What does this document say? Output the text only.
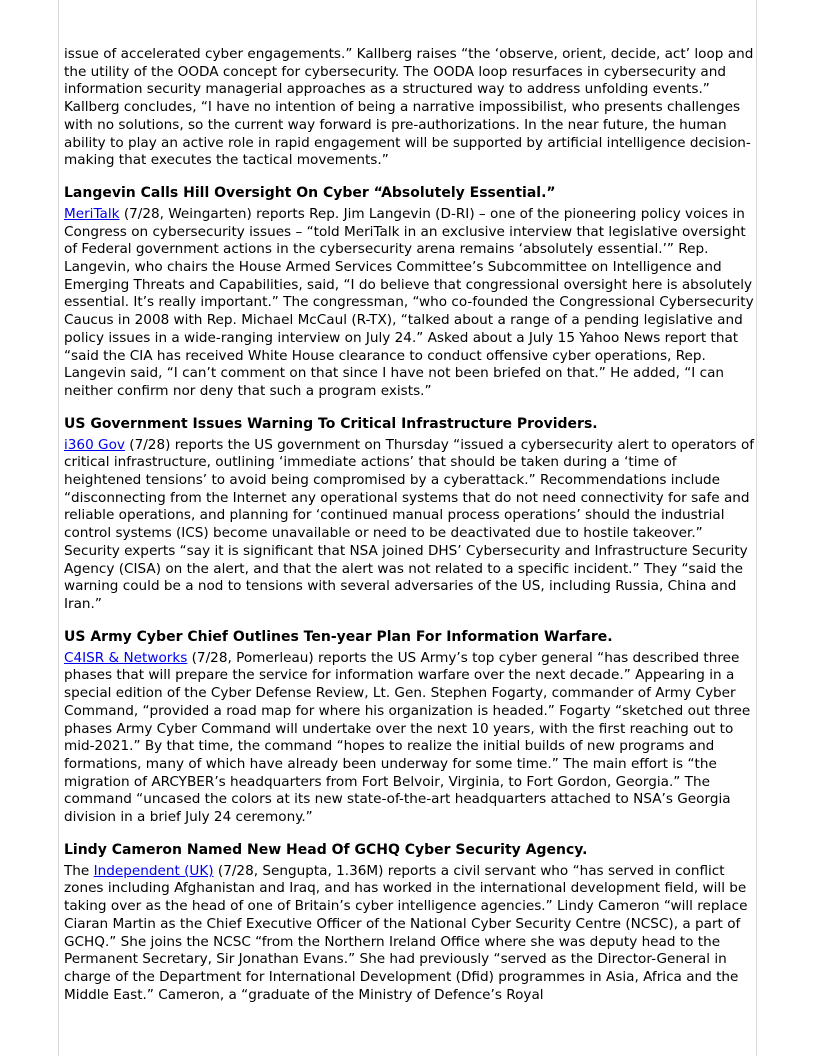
issue of accelerated cyber engagements.” Kallberg raises “the ‘observe, orient, decide, act’ loop and the utility of the OODA concept for cybersecurity. The OODA loop resurfaces in cybersecurity and information security managerial approaches as a structured way to address unfolding events.” Kallberg concludes, “I have no intention of being a narrative impossibilist, who presents challenges with no solutions, so the current way forward is pre-authorizations. In the near future, the human ability to play an active role in rapid engagement will be supported by artificial intelligence decision-making that executes the tactical movements.”

Langevin Calls Hill Oversight On Cyber “Absolutely Essential.”

MeriTalk (7/28, Weingarten) reports Rep. Jim Langevin (D-RI) – one of the pioneering policy voices in Congress on cybersecurity issues – “told MeriTalk in an exclusive interview that legislative oversight of Federal government actions in the cybersecurity arena remains ‘absolutely essential.’” Rep. Langevin, who chairs the House Armed Services Committee’s Subcommittee on Intelligence and Emerging Threats and Capabilities, said, “I do believe that congressional oversight here is absolutely essential. It’s really important.” The congressman, “who co-founded the Congressional Cybersecurity Caucus in 2008 with Rep. Michael McCaul (R-TX), “talked about a range of a pending legislative and policy issues in a wide-ranging interview on July 24.” Asked about a July 15 Yahoo News report that “said the CIA has received White House clearance to conduct offensive cyber operations, Rep. Langevin said, “I can’t comment on that since I have not been briefed on that.” He added, “I can neither confirm nor deny that such a program exists.”

US Government Issues Warning To Critical Infrastructure Providers.

i360 Gov (7/28) reports the US government on Thursday “issued a cybersecurity alert to operators of critical infrastructure, outlining ‘immediate actions’ that should be taken during a ‘time of heightened tensions’ to avoid being compromised by a cyberattack.” Recommendations include “disconnecting from the Internet any operational systems that do not need connectivity for safe and reliable operations, and planning for ‘continued manual process operations’ should the industrial control systems (ICS) become unavailable or need to be deactivated due to hostile takeover.” Security experts “say it is significant that NSA joined DHS’ Cybersecurity and Infrastructure Security Agency (CISA) on the alert, and that the alert was not related to a specific incident.” They “said the warning could be a nod to tensions with several adversaries of the US, including Russia, China and Iran.”

US Army Cyber Chief Outlines Ten-year Plan For Information Warfare.

C4ISR & Networks (7/28, Pomerleau) reports the US Army’s top cyber general “has described three phases that will prepare the service for information warfare over the next decade.” Appearing in a special edition of the Cyber Defense Review, Lt. Gen. Stephen Fogarty, commander of Army Cyber Command, “provided a road map for where his organization is headed.” Fogarty “sketched out three phases Army Cyber Command will undertake over the next 10 years, with the first reaching out to mid-2021.” By that time, the command “hopes to realize the initial builds of new programs and formations, many of which have already been underway for some time.” The main effort is “the migration of ARCYBER’s headquarters from Fort Belvoir, Virginia, to Fort Gordon, Georgia.” The command “uncased the colors at its new state-of-the-art headquarters attached to NSA’s Georgia division in a brief July 24 ceremony.”

Lindy Cameron Named New Head Of GCHQ Cyber Security Agency.

The Independent (UK) (7/28, Sengupta, 1.36M) reports a civil servant who “has served in conflict zones including Afghanistan and Iraq, and has worked in the international development field, will be taking over as the head of one of Britain’s cyber intelligence agencies.” Lindy Cameron “will replace Ciaran Martin as the Chief Executive Officer of the National Cyber Security Centre (NCSC), a part of GCHQ.” She joins the NCSC “from the Northern Ireland Office where she was deputy head to the Permanent Secretary, Sir Jonathan Evans.” She had previously “served as the Director-General in charge of the Department for International Development (Dfid) programmes in Asia, Africa and the Middle East.” Cameron, a “graduate of the Ministry of Defence’s Royal
